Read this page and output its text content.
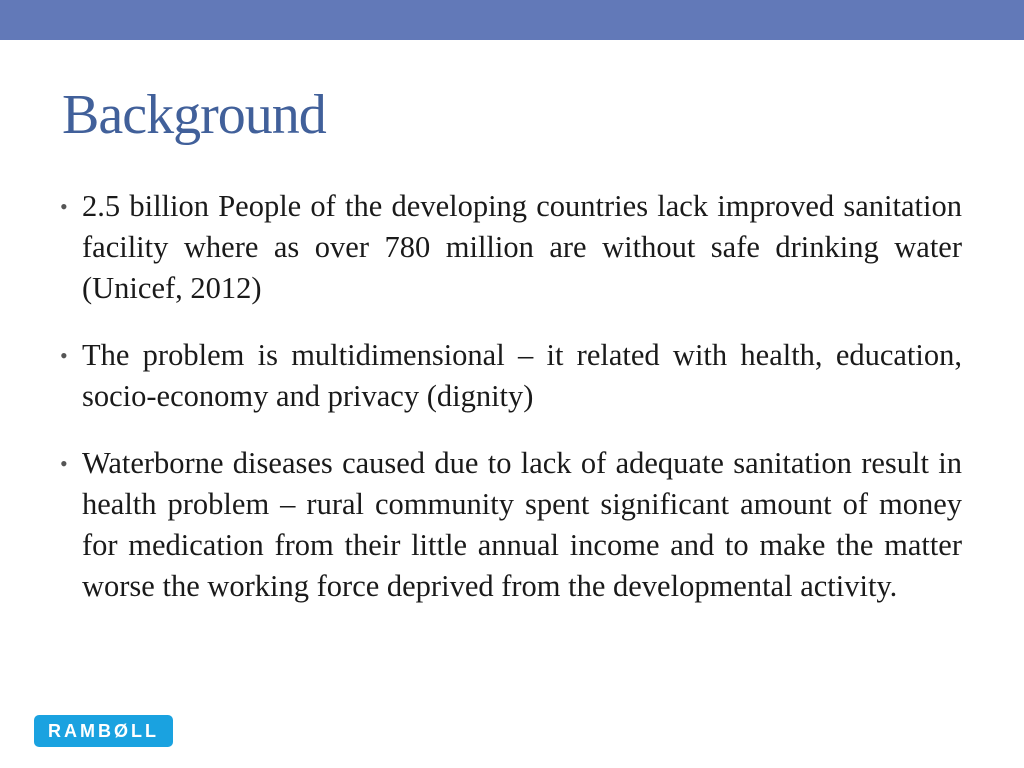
Background
• 2.5 billion People of the developing countries lack improved sanitation facility where as over 780 million are without safe drinking water (Unicef, 2012)
• The problem is multidimensional – it related with health, education, socio-economy and privacy (dignity)
• Waterborne diseases caused due to lack of adequate sanitation result in health problem – rural community spent significant amount of money for medication from their little annual income and to make the matter worse the working force deprived from the developmental activity.
RAMBØLL
